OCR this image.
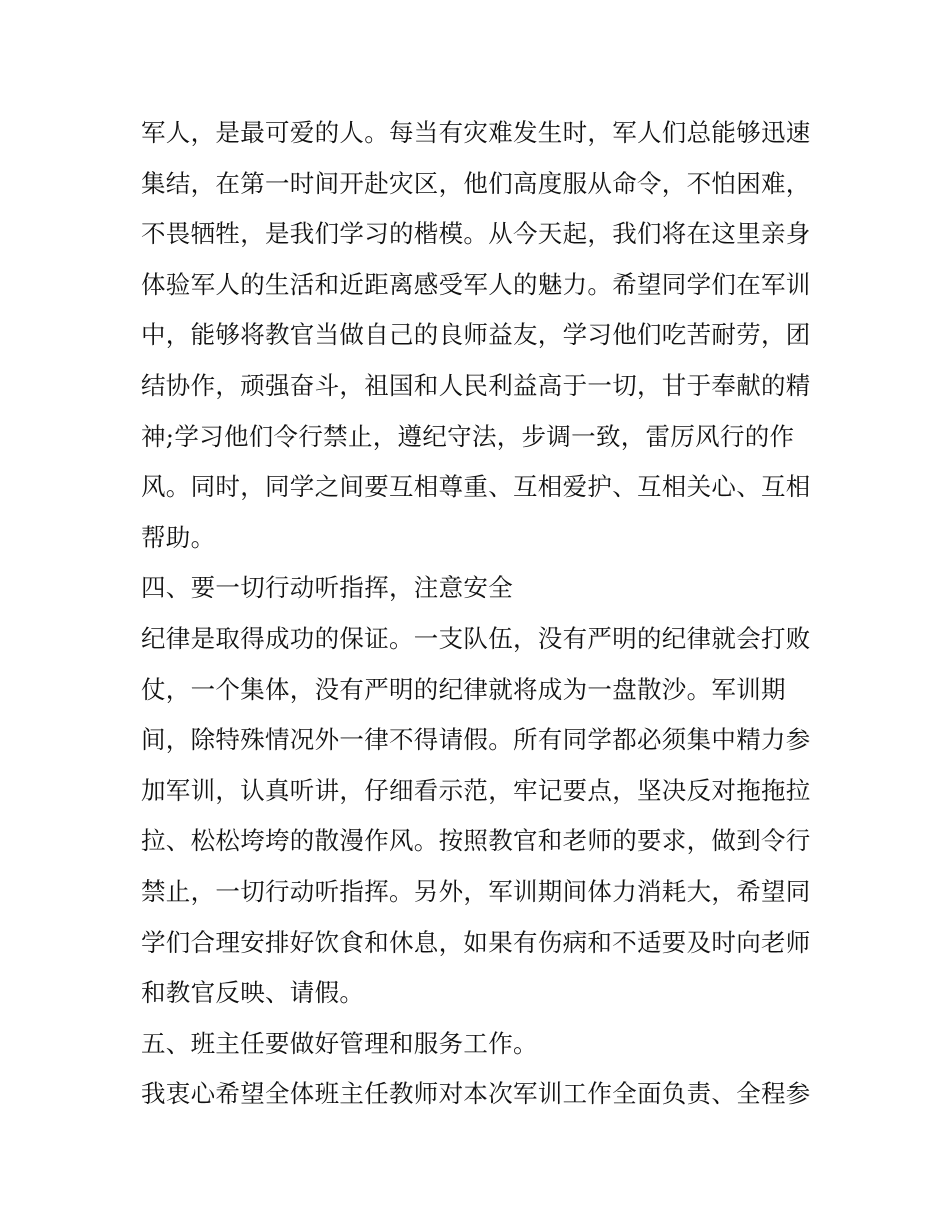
军人，是最可爱的人。每当有灾难发生时，军人们总能够迅速
集结，在第一时间开赴灾区，他们高度服从命令，不怕困难，
不畏牺牲，是我们学习的楷模。从今天起，我们将在这里亲身
体验军人的生活和近距离感受军人的魅力。希望同学们在军训
中，能够将教官当做自己的良师益友，学习他们吃苦耐劳，团
结协作，顽强奋斗，祖国和人民利益高于一切，甘于奉献的精
神;学习他们令行禁止，遵纪守法，步调一致，雷厉风行的作
风。同时，同学之间要互相尊重、互相爱护、互相关心、互相
帮助。
四、要一切行动听指挥，注意安全
纪律是取得成功的保证。一支队伍，没有严明的纪律就会打败
仗，一个集体，没有严明的纪律就将成为一盘散沙。军训期
间，除特殊情况外一律不得请假。所有同学都必须集中精力参
加军训，认真听讲，仔细看示范，牢记要点，坚决反对拖拖拉
拉、松松垮垮的散漫作风。按照教官和老师的要求，做到令行
禁止，一切行动听指挥。另外，军训期间体力消耗大，希望同
学们合理安排好饮食和休息，如果有伤病和不适要及时向老师
和教官反映、请假。
五、班主任要做好管理和服务工作。
我衷心希望全体班主任教师对本次军训工作全面负责、全程参
